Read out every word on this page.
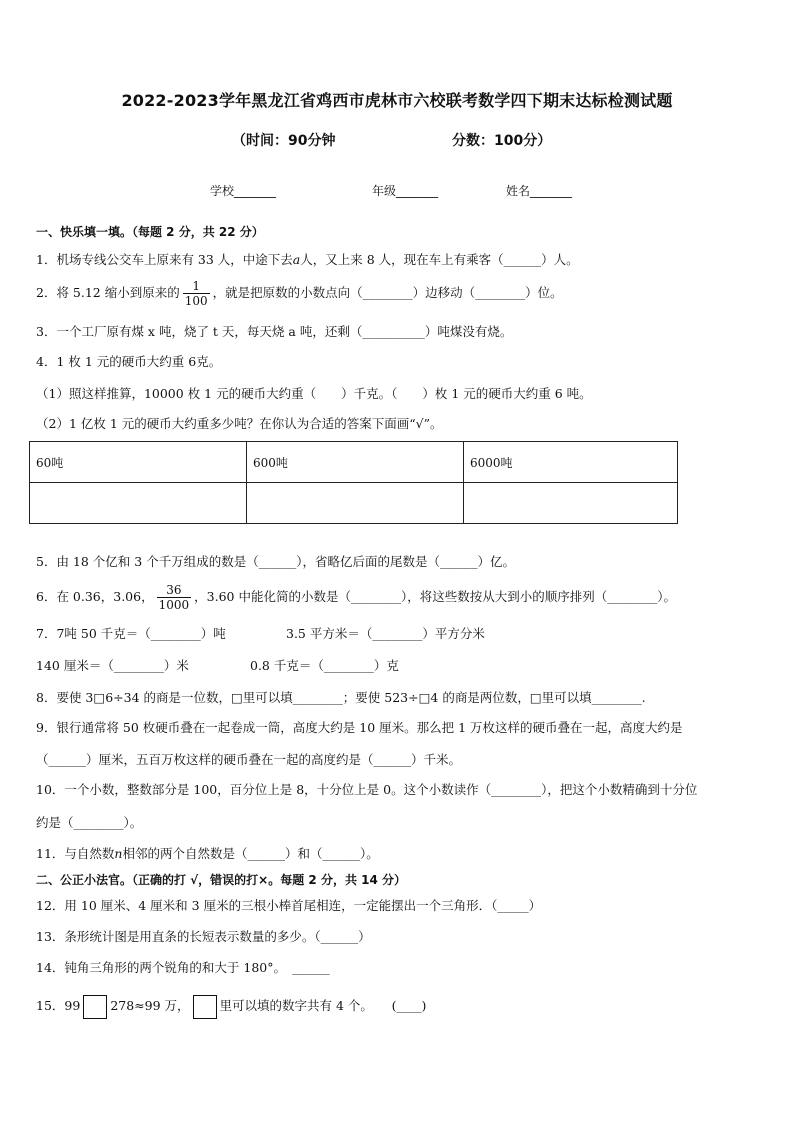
2022-2023学年黑龙江省鸡西市虎林市六校联考数学四下期末达标检测试题
（时间：90分钟	分数：100分）
学校_______	年级_______	姓名_______
一、快乐填一填。（每题 2 分，共 22 分）
1．机场专线公交车上原来有 33 人，中途下去𝑎人，又上来 8 人，现在车上有乘客（______）人。
2．将 5.12 缩小到原来的 $\frac{1}{100}$ ，就是把原数的小数点向（________）边移动（________）位。
3．一个工厂原有煤 x 吨，烧了 t 天，每天烧 a 吨，还剩（__________）吨煤没有烧。
4．1 枚 1 元的硬币大约重 6克。
（1）照这样推算，10000 枚 1 元的硬币大约重（　　）千克。（　　）枚 1 元的硬币大约重 6 吨。
（2）1 亿枚 1 元的硬币大约重多少吨？在你认为合适的答案下面画“√”。
60吨	600吨	6000吨

5．由 18 个亿和 3 个千万组成的数是（______），省略亿后面的尾数是（______）亿。
6．在 0.36，3.06， $\frac{36}{1000}$ ，3.60 中能化简的小数是（________），将这些数按从大到小的顺序排列（________）。
7．7吨 50 千克＝（________）吨	3.5 平方米＝（________）平方分米
140 厘米＝（________）米	0.8 千克＝（________）克
8．要使 3□6÷34 的商是一位数，□里可以填________；要使 523÷□4 的商是两位数，□里可以填________.
9．银行通常将 50 枚硬币叠在一起卷成一筒，高度大约是 10 厘米。那么把 1 万枚这样的硬币叠在一起，高度大约是
（______）厘米，五百万枚这样的硬币叠在一起的高度约是（______）千米。
10．一个小数，整数部分是 100，百分位上是 8，十分位上是 0。这个小数读作（________），把这个小数精确到十分位
约是（________）。
11．与自然数𝑛相邻的两个自然数是（______）和（______）。
二、公正小法官。（正确的打 √，错误的打×。每题 2 分，共 14 分）
12．用 10 厘米、4 厘米和 3 厘米的三根小棒首尾相连，一定能摆出一个三角形．（_____）
13．条形统计图是用直条的长短表示数量的多少。（______）
14．钝角三角形的两个锐角的和大于 180°。　______
15．99 278≈99 万， 里可以填的数字共有 4 个。　　(____)
